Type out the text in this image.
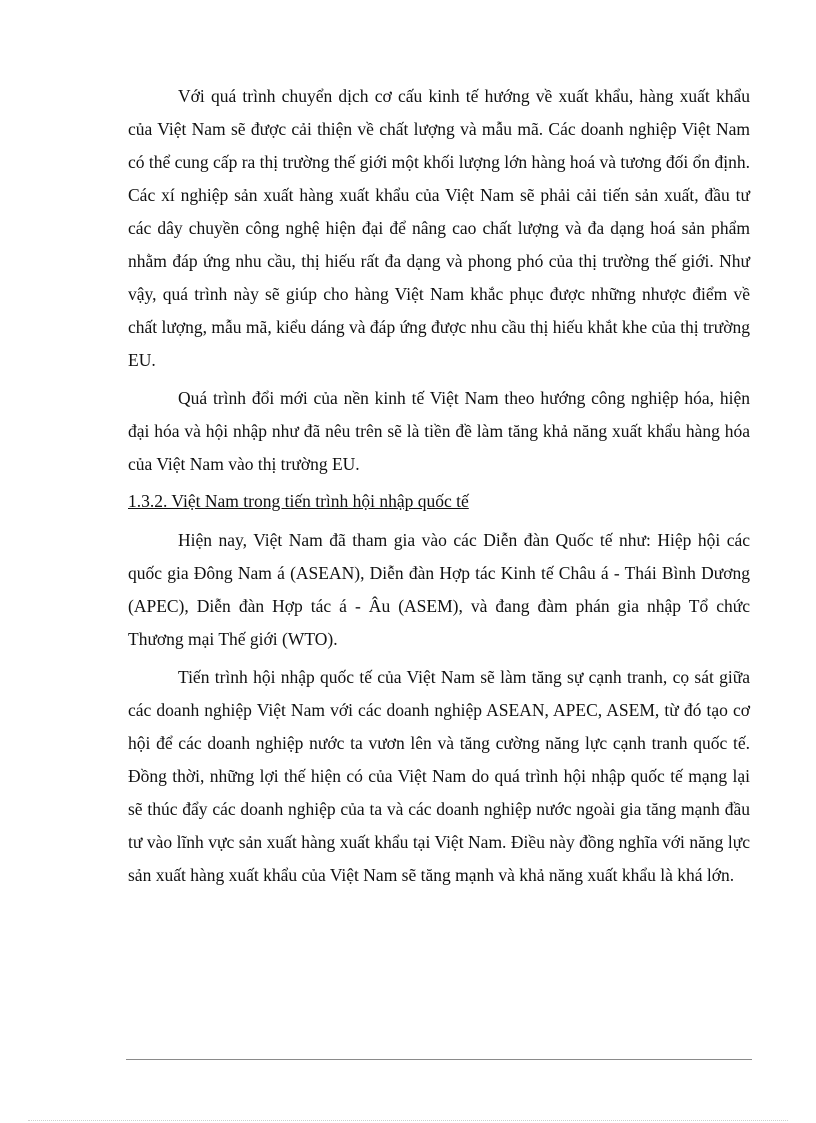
Với quá trình chuyển dịch cơ cấu kinh tế hướng về xuất khẩu, hàng xuất khẩu của Việt Nam sẽ được cải thiện về chất lượng và mẫu mã. Các doanh nghiệp Việt Nam có thể cung cấp ra thị trường thế giới một khối lượng lớn hàng hoá và tương đối ổn định. Các xí nghiệp sản xuất hàng xuất khẩu của Việt Nam sẽ phải cải tiến sản xuất, đầu tư các dây chuyền công nghệ hiện đại để nâng cao chất lượng và đa dạng hoá sản phẩm nhằm đáp ứng nhu cầu, thị hiếu rất đa dạng và phong phó của thị trường thế giới. Như vậy, quá trình này sẽ giúp cho hàng Việt Nam khắc phục được những nhược điểm về chất lượng, mẫu mã, kiểu dáng và đáp ứng được nhu cầu thị hiếu khắt khe của thị trường EU.

Quá trình đổi mới của nền kinh tế Việt Nam theo hướng công nghiệp hóa, hiện đại hóa và hội nhập như đã nêu trên sẽ là tiền đề làm tăng khả năng xuất khẩu hàng hóa của Việt Nam vào thị trường EU.

1.3.2. Việt Nam trong tiến trình hội nhập quốc tế

Hiện nay, Việt Nam đã tham gia vào các Diễn đàn Quốc tế như: Hiệp hội các quốc gia Đông Nam á (ASEAN), Diễn đàn Hợp tác Kinh tế Châu á - Thái Bình Dương (APEC), Diễn đàn Hợp tác á - Âu (ASEM), và đang đàm phán gia nhập Tổ chức Thương mại Thế giới (WTO).

Tiến trình hội nhập quốc tế của Việt Nam sẽ làm tăng sự cạnh tranh, cọ sát giữa các doanh nghiệp Việt Nam với các doanh nghiệp ASEAN, APEC, ASEM, từ đó tạo cơ hội để các doanh nghiệp nước ta vươn lên và tăng cường năng lực cạnh tranh quốc tế. Đồng thời, những lợi thế hiện có của Việt Nam do quá trình hội nhập quốc tế mạng lại sẽ thúc đẩy các doanh nghiệp của ta và các doanh nghiệp nước ngoài gia tăng mạnh đầu tư vào lĩnh vực sản xuất hàng xuất khẩu tại Việt Nam. Điều này đồng nghĩa với năng lực sản xuất hàng xuất khẩu của Việt Nam sẽ tăng mạnh và khả năng xuất khẩu là khá lớn.
